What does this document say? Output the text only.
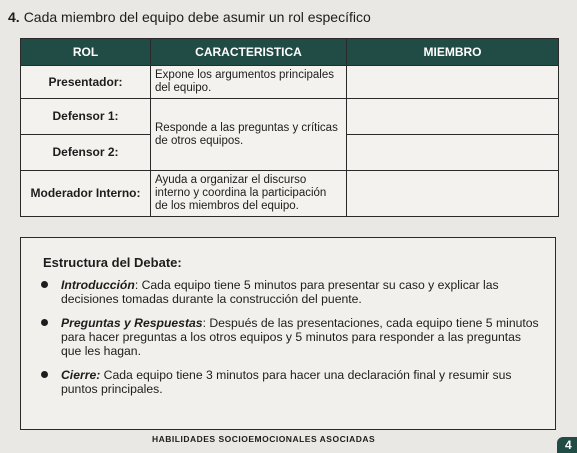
4. Cada miembro del equipo debe asumir un rol específico
ROL	CARACTERISTICA	MIEMBRO
Presentador:	Expone los argumentos principales del equipo.	
Defensor 1:	Responde a las preguntas y críticas de otros equipos.	
Defensor 2:		
Moderador Interno:	Ayuda a organizar el discurso interno y coordina la participación de los miembros del equipo.	
Estructura del Debate:
Introducción: Cada equipo tiene 5 minutos para presentar su caso y explicar las decisiones tomadas durante la construcción del puente.
Preguntas y Respuestas: Después de las presentaciones, cada equipo tiene 5 minutos para hacer preguntas a los otros equipos y 5 minutos para responder a las preguntas que les hagan.
Cierre: Cada equipo tiene 3 minutos para hacer una declaración final y resumir sus puntos principales.
HABILIDADES SOCIOEMOCIONALES ASOCIADAS	4
